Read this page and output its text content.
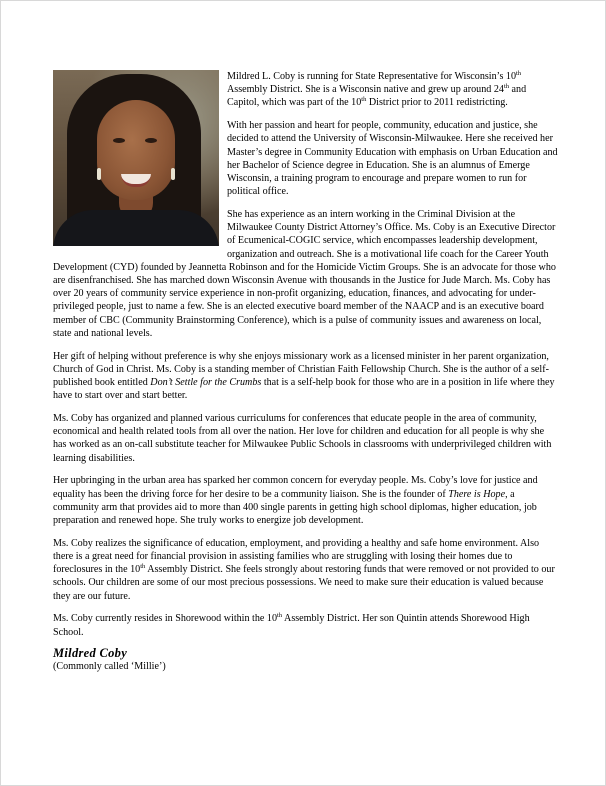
Mildred L. Coby is running for State Representative for Wisconsin’s 10th Assembly District. She is a Wisconsin native and grew up around 24th and Capitol, which was part of the 10th District prior to 2011 redistricting.

With her passion and heart for people, community, education and justice, she decided to attend the University of Wisconsin-Milwaukee. Here she received her Master’s degree in Community Education with emphasis on Urban Education and her Bachelor of Science degree in Education. She is an alumnus of Emerge Wisconsin, a training program to encourage and prepare women to run for political office.

She has experience as an intern working in the Criminal Division at the Milwaukee County District Attorney’s Office. Ms. Coby is an Executive Director of Ecumenical-COGIC service, which encompasses leadership development, organization and outreach. She is a motivational life coach for the Career Youth Development (CYD) founded by Jeannetta Robinson and for the Homicide Victim Groups. She is an advocate for those who are disenfranchised. She has marched down Wisconsin Avenue with thousands in the Justice for Jude March. Ms. Coby has over 20 years of community service experience in non-profit organizing, education, finances, and advocating for under-privileged people, just to name a few. She is an elected executive board member of the NAACP and is an executive board member of CBC (Community Brainstorming Conference), which is a pulse of community issues and awareness on local, state and national levels.

Her gift of helping without preference is why she enjoys missionary work as a licensed minister in her parent organization, Church of God in Christ. Ms. Coby is a standing member of Christian Faith Fellowship Church. She is the author of a self-published book entitled Don’t Settle for the Crumbs that is a self-help book for those who are in a position in life where they have to start over and start better.

Ms. Coby has organized and planned various curriculums for conferences that educate people in the area of community, economical and health related tools from all over the nation. Her love for children and education for all people is why she has worked as an on-call substitute teacher for Milwaukee Public Schools in classrooms with underprivileged children with learning disabilities.

Her upbringing in the urban area has sparked her common concern for everyday people. Ms. Coby’s love for justice and equality has been the driving force for her desire to be a community liaison. She is the founder of There is Hope, a community arm that provides aid to more than 400 single parents in getting high school diplomas, higher education, job preparation and renewed hope. She truly works to energize job development.

Ms. Coby realizes the significance of education, employment, and providing a healthy and safe home environment. Also there is a great need for financial provision in assisting families who are struggling with losing their homes due to foreclosures in the 10th Assembly District. She feels strongly about restoring funds that were removed or not provided to our schools. Our children are some of our most precious possessions. We need to make sure their education is valued because they are our future.

Ms. Coby currently resides in Shorewood within the 10th Assembly District. Her son Quintin attends Shorewood High School.

Mildred Coby
(Commonly called ‘Millie’)
